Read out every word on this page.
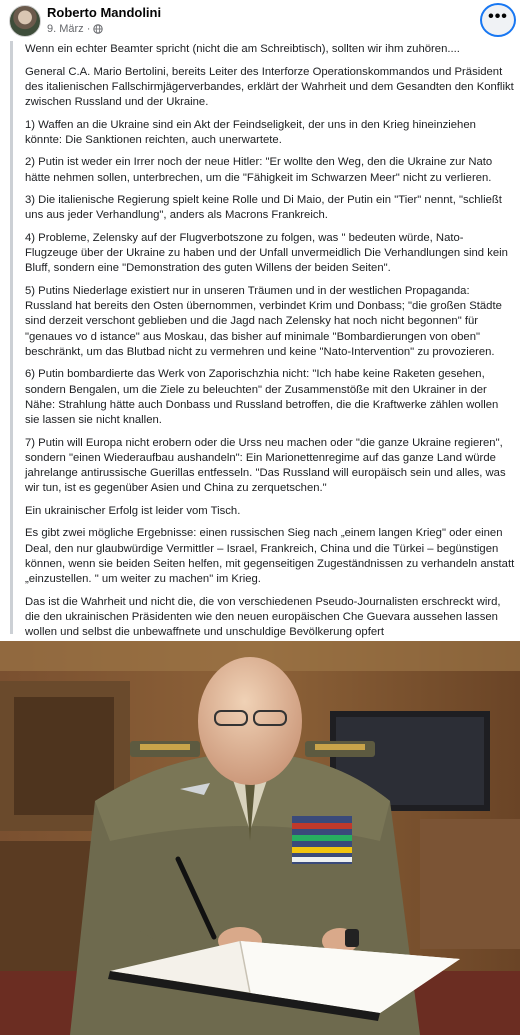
Roberto Mandolini
9. März ·
•••

Wenn ein echter Beamter spricht (nicht die am Schreibtisch), sollten wir ihm zuhören....

General C.A. Mario Bertolini, bereits Leiter des Interforze Operationskommandos und Präsident des italienischen Fallschirmjägerverbandes, erklärt der Wahrheit und dem Gesandten den Konflikt zwischen Russland und der Ukraine.

1) Waffen an die Ukraine sind ein Akt der Feindseligkeit, der uns in den Krieg hineinziehen könnte: Die Sanktionen reichten, auch unerwartete.

2) Putin ist weder ein Irrer noch der neue Hitler: "Er wollte den Weg, den die Ukraine zur Nato hätte nehmen sollen, unterbrechen, um die "Fähigkeit im Schwarzen Meer" nicht zu verlieren.

3) Die italienische Regierung spielt keine Rolle und Di Maio, der Putin ein "Tier" nennt, "schließt uns aus jeder Verhandlung", anders als Macrons Frankreich.

4) Probleme, Zelensky auf der Flugverbotszone zu folgen, was " bedeuten würde, Nato-Flugzeuge über der Ukraine zu haben und der Unfall unvermeidlich Die Verhandlungen sind kein Bluff, sondern eine "Demonstration des guten Willens der beiden Seiten".

5) Putins Niederlage existiert nur in unseren Träumen und in der westlichen Propaganda: Russland hat bereits den Osten übernommen, verbindet Krim und Donbass; "die großen Städte sind derzeit verschont geblieben und die Jagd nach Zelensky hat noch nicht begonnen" für "genaues vo d istance" aus Moskau, das bisher auf minimale "Bombardierungen von oben" beschränkt, um das Blutbad nicht zu vermehren und keine "Nato-Intervention" zu provozieren.

6) Putin bombardierte das Werk von Zaporischzhia nicht: "Ich habe keine Raketen gesehen, sondern Bengalen, um die Ziele zu beleuchten" der Zusammenstöße mit den Ukrainer in der Nähe: Strahlung hätte auch Donbass und Russland betroffen, die die Kraftwerke zählen wollen sie lassen sie nicht knallen.

7) Putin will Europa nicht erobern oder die Urss neu machen oder "die ganze Ukraine regieren", sondern "einen Wiederaufbau aushandeln": Ein Marionettenregime auf das ganze Land würde jahrelange antirussische Guerillas entfesseln. "Das Russland will europäisch sein und alles, was wir tun, ist es gegenüber Asien und China zu zerquetschen."

Ein ukrainischer Erfolg ist leider vom Tisch.

Es gibt zwei mögliche Ergebnisse: einen russischen Sieg nach „einem langen Krieg" oder einen Deal, den nur glaubwürdige Vermittler – Israel, Frankreich, China und die Türkei – begünstigen können, wenn sie beiden Seiten helfen, mit gegenseitigen Zugeständnissen zu verhandeln anstatt „einzustellen. " um weiter zu machen" im Krieg.

Das ist die Wahrheit und nicht die, die von verschiedenen Pseudo-Journalisten erschreckt wird, die den ukrainischen Präsidenten wie den neuen europäischen Che Guevara aussehen lassen wollen und selbst die unbewaffnete und unschuldige Bevölkerung opfert
